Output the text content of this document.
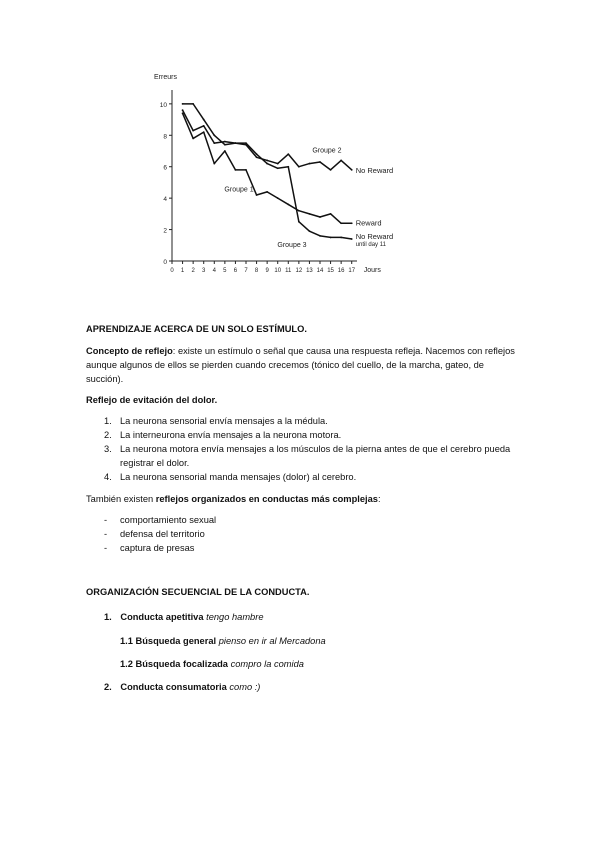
0
2
4
6
8
10
0 1 2 3 4 5 6 7 8 9 10 11 12 13 14 15 16 17
Erreurs
Jours
Groupe 2
Groupe 1
Groupe 3
No Reward
Reward
No Reward
until day 11

APRENDIZAJE ACERCA DE UN SOLO ESTÍMULO.

Concepto de reflejo: existe un estímulo o señal que causa una respuesta refleja. Nacemos con reflejos aunque algunos de ellos se pierden cuando crecemos (tónico del cuello, de la marcha, gateo, de succión).

Reflejo de evitación del dolor.

1. La neurona sensorial envía mensajes a la médula.
2. La interneurona envía mensajes a la neurona motora.
3. La neurona motora envía mensajes a los músculos de la pierna antes de que el cerebro pueda registrar el dolor.
4. La neurona sensorial manda mensajes (dolor) al cerebro.

También existen reflejos organizados en conductas más complejas:

- comportamiento sexual
- defensa del territorio
- captura de presas

ORGANIZACIÓN SECUENCIAL DE LA CONDUCTA.

1. Conducta apetitiva tengo hambre
1.1 Búsqueda general pienso en ir al Mercadona
1.2 Búsqueda focalizada compro la comida
2. Conducta consumatoria como :)
